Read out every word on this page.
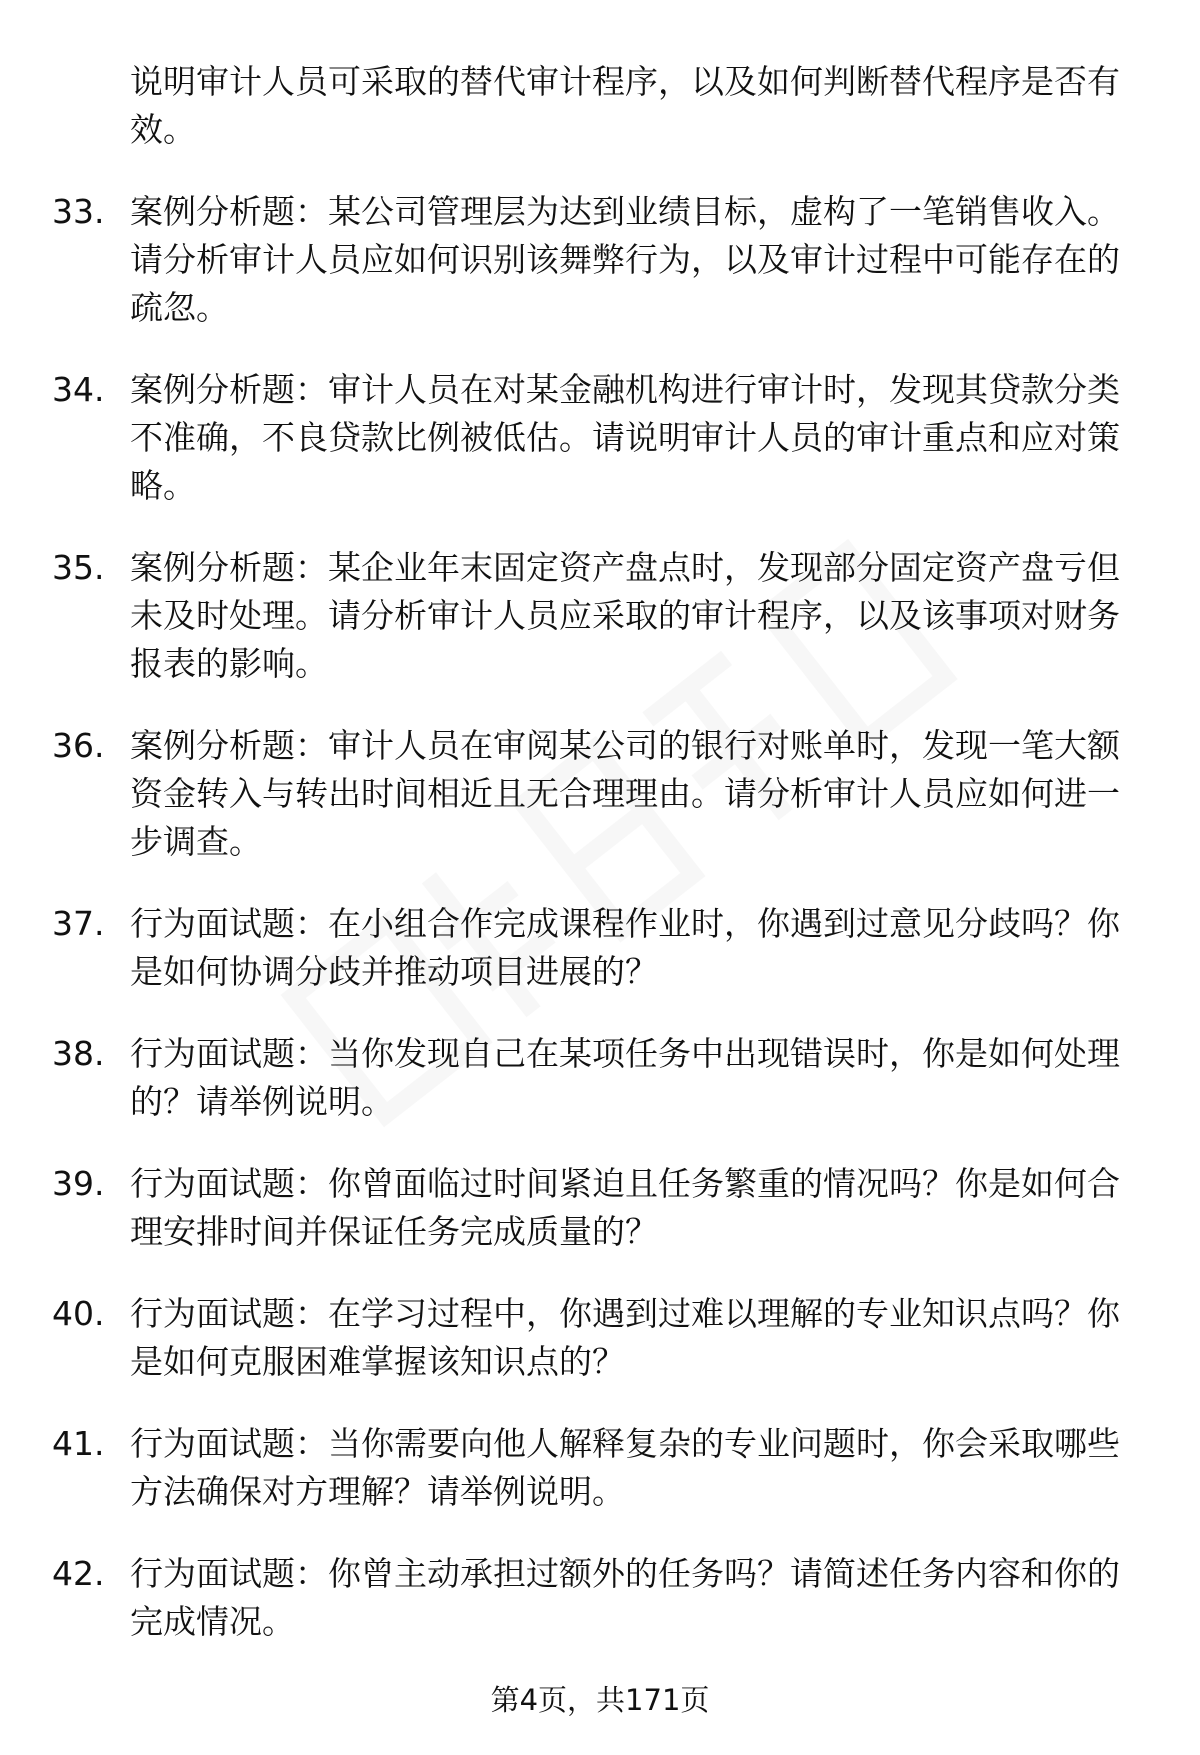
说明审计人员可采取的替代审计程序，以及如何判断替代程序是否有效。
33. 案例分析题：某公司管理层为达到业绩目标，虚构了一笔销售收入。请分析审计人员应如何识别该舞弊行为，以及审计过程中可能存在的疏忽。
34. 案例分析题：审计人员在对某金融机构进行审计时，发现其贷款分类不准确，不良贷款比例被低估。请说明审计人员的审计重点和应对策略。
35. 案例分析题：某企业年末固定资产盘点时，发现部分固定资产盘亏但未及时处理。请分析审计人员应采取的审计程序，以及该事项对财务报表的影响。
36. 案例分析题：审计人员在审阅某公司的银行对账单时，发现一笔大额资金转入与转出时间相近且无合理理由。请分析审计人员应如何进一步调查。
37. 行为面试题：在小组合作完成课程作业时，你遇到过意见分歧吗？你是如何协调分歧并推动项目进展的？
38. 行为面试题：当你发现自己在某项任务中出现错误时，你是如何处理的？请举例说明。
39. 行为面试题：你曾面临过时间紧迫且任务繁重的情况吗？你是如何合理安排时间并保证任务完成质量的？
40. 行为面试题：在学习过程中，你遇到过难以理解的专业知识点吗？你是如何克服困难掌握该知识点的？
41. 行为面试题：当你需要向他人解释复杂的专业问题时，你会采取哪些方法确保对方理解？请举例说明。
42. 行为面试题：你曾主动承担过额外的任务吗？请简述任务内容和你的完成情况。
第4页，共171页
